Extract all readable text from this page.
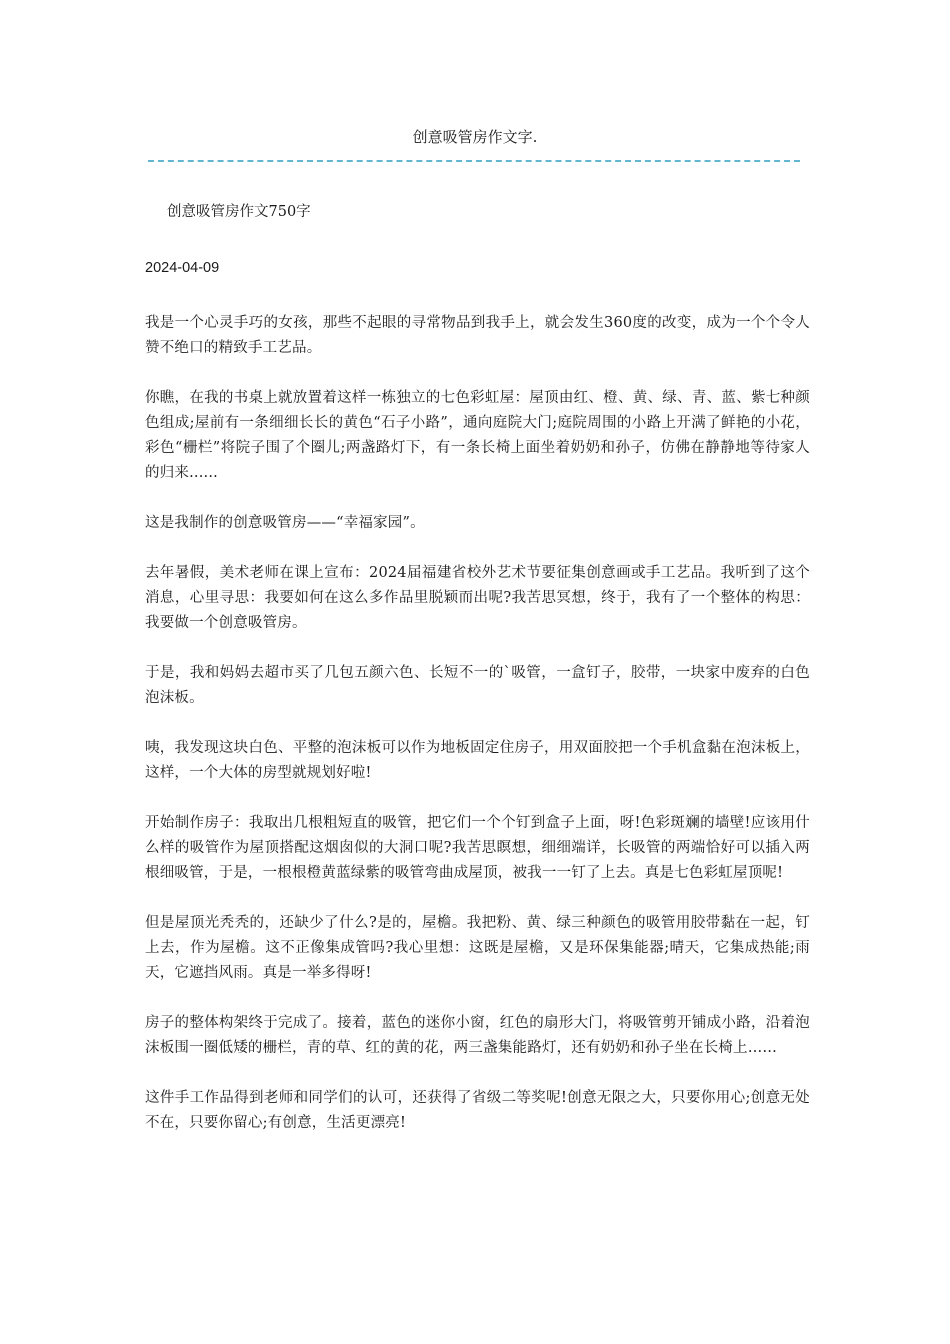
创意吸管房作文字.
创意吸管房作文750字
2024-04-09

我是一个心灵手巧的女孩，那些不起眼的寻常物品到我手上，就会发生360度的改变，成为一个个令人赞不绝口的精致手工艺品。

你瞧，在我的书桌上就放置着这样一栋独立的七色彩虹屋：屋顶由红、橙、黄、绿、青、蓝、紫七种颜色组成;屋前有一条细细长长的黄色“石子小路”，通向庭院大门;庭院周围的小路上开满了鲜艳的小花，彩色“栅栏”将院子围了个圈儿;两盏路灯下，有一条长椅上面坐着奶奶和孙子，仿佛在静静地等待家人的归来......

这是我制作的创意吸管房——“幸福家园”。

去年暑假，美术老师在课上宣布：2024届福建省校外艺术节要征集创意画或手工艺品。我听到了这个消息，心里寻思：我要如何在这么多作品里脱颖而出呢?我苦思冥想，终于，我有了一个整体的构思：我要做一个创意吸管房。

于是，我和妈妈去超市买了几包五颜六色、长短不一的`吸管，一盒钉子，胶带，一块家中废弃的白色泡沫板。

咦，我发现这块白色、平整的泡沫板可以作为地板固定住房子，用双面胶把一个手机盒黏在泡沫板上，这样，一个大体的房型就规划好啦!

开始制作房子：我取出几根粗短直的吸管，把它们一个个钉到盒子上面，呀!色彩斑斓的墙壁!应该用什么样的吸管作为屋顶搭配这烟囱似的大洞口呢?我苦思瞑想，细细端详，长吸管的两端恰好可以插入两根细吸管，于是，一根根橙黄蓝绿紫的吸管弯曲成屋顶，被我一一钉了上去。真是七色彩虹屋顶呢!

但是屋顶光秃秃的，还缺少了什么?是的，屋檐。我把粉、黄、绿三种颜色的吸管用胶带黏在一起，钉上去，作为屋檐。这不正像集成管吗?我心里想：这既是屋檐，又是环保集能器;晴天，它集成热能;雨天，它遮挡风雨。真是一举多得呀!

房子的整体构架终于完成了。接着，蓝色的迷你小窗，红色的扇形大门，将吸管剪开铺成小路，沿着泡沫板围一圈低矮的栅栏，青的草、红的黄的花，两三盏集能路灯，还有奶奶和孙子坐在长椅上……

这件手工作品得到老师和同学们的认可，还获得了省级二等奖呢!创意无限之大，只要你用心;创意无处不在，只要你留心;有创意，生活更漂亮!
